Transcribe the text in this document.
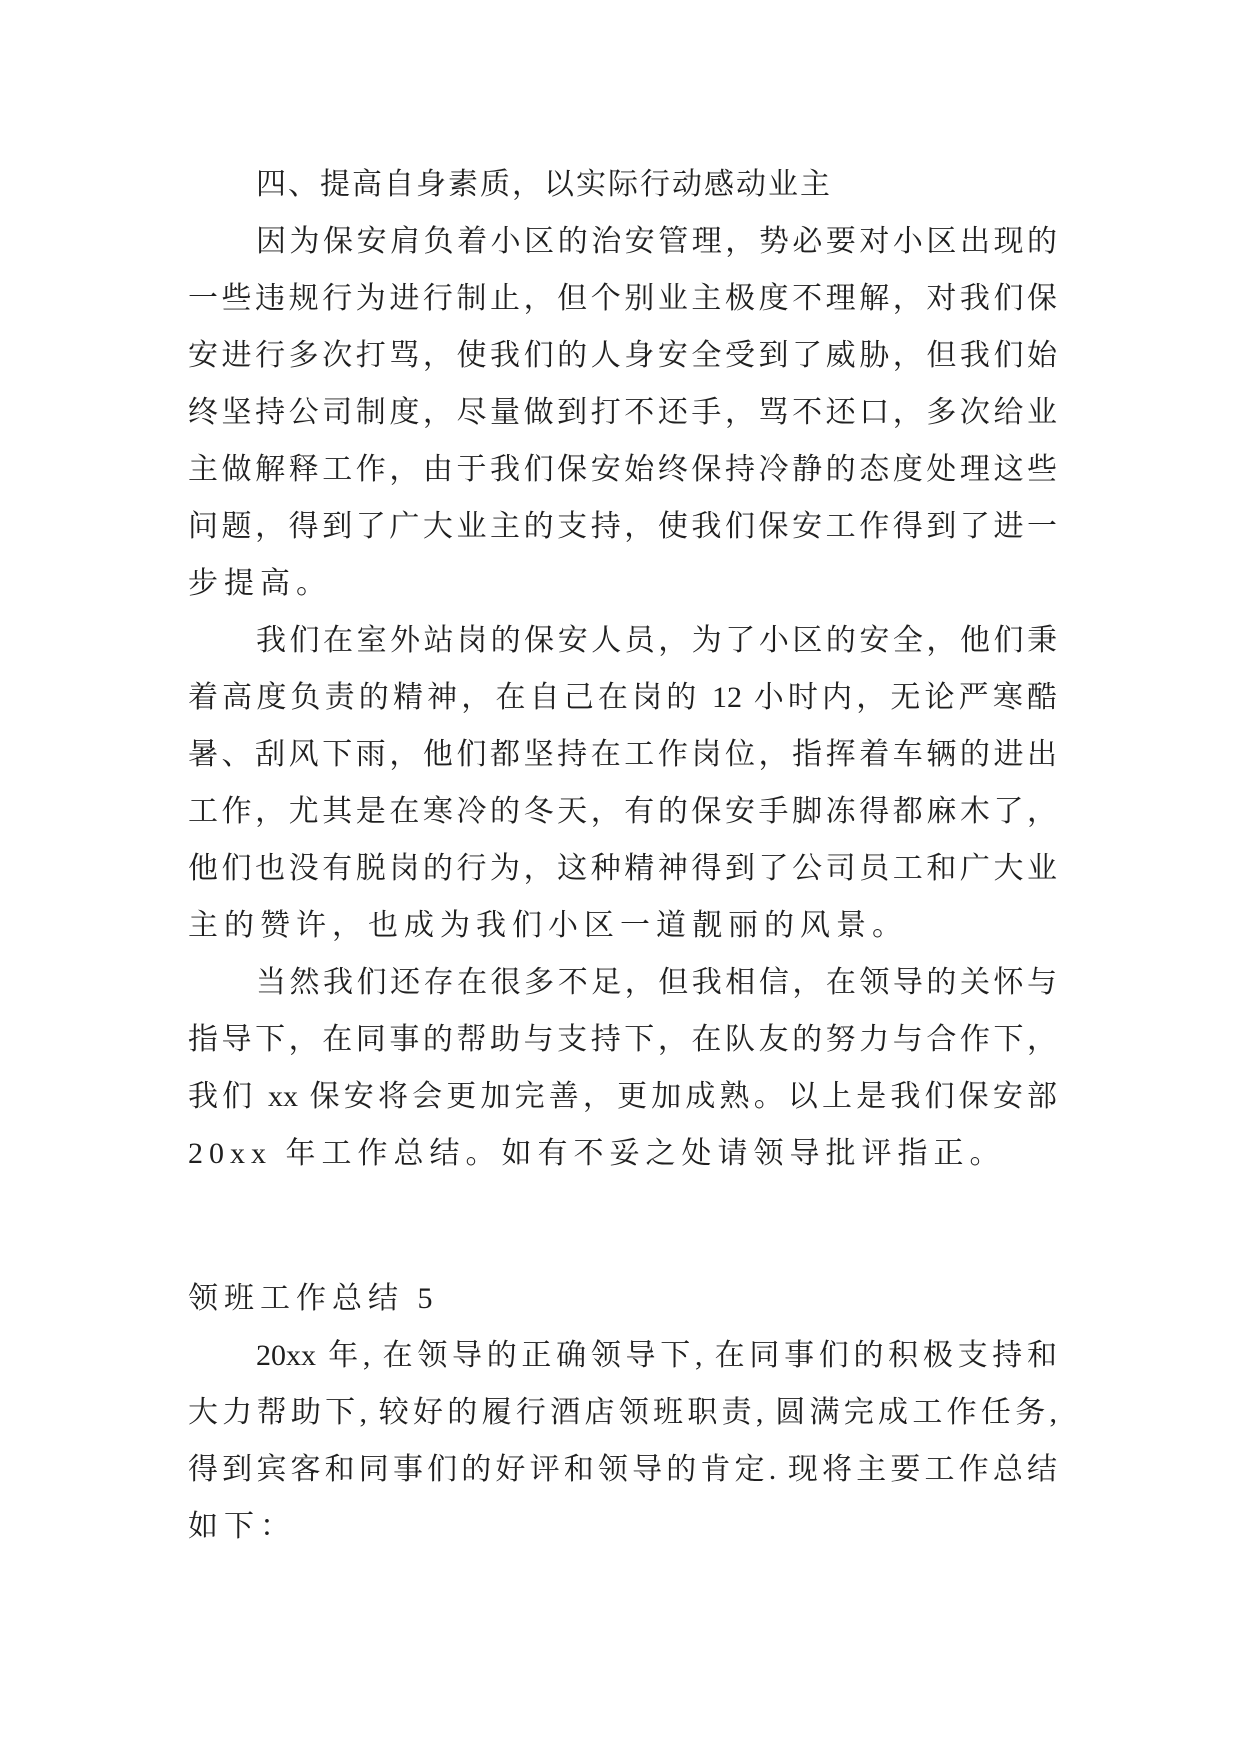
四、提高自身素质，以实际行动感动业主
因为保安肩负着小区的治安管理，势必要对小区出现的
一些违规行为进行制止，但个别业主极度不理解，对我们保
安进行多次打骂，使我们的人身安全受到了威胁，但我们始
终坚持公司制度，尽量做到打不还手，骂不还口，多次给业
主做解释工作，由于我们保安始终保持冷静的态度处理这些
问题，得到了广大业主的支持，使我们保安工作得到了进一
步提高。
我们在室外站岗的保安人员，为了小区的安全，他们秉
着高度负责的精神，在自己在岗的 12 小时内，无论严寒酷
暑、刮风下雨，他们都坚持在工作岗位，指挥着车辆的进出
工作，尤其是在寒冷的冬天，有的保安手脚冻得都麻木了，
他们也没有脱岗的行为，这种精神得到了公司员工和广大业
主的赞许，也成为我们小区一道靓丽的风景。
当然我们还存在很多不足，但我相信，在领导的关怀与
指导下，在同事的帮助与支持下，在队友的努力与合作下，
我们 xx 保安将会更加完善，更加成熟。以上是我们保安部
20xx 年工作总结。如有不妥之处请领导批评指正。
领班工作总结 5
20xx 年, 在领导的正确领导下, 在同事们的积极支持和
大力帮助下, 较好的履行酒店领班职责, 圆满完成工作任务,
得到宾客和同事们的好评和领导的肯定. 现将主要工作总结
如下：
